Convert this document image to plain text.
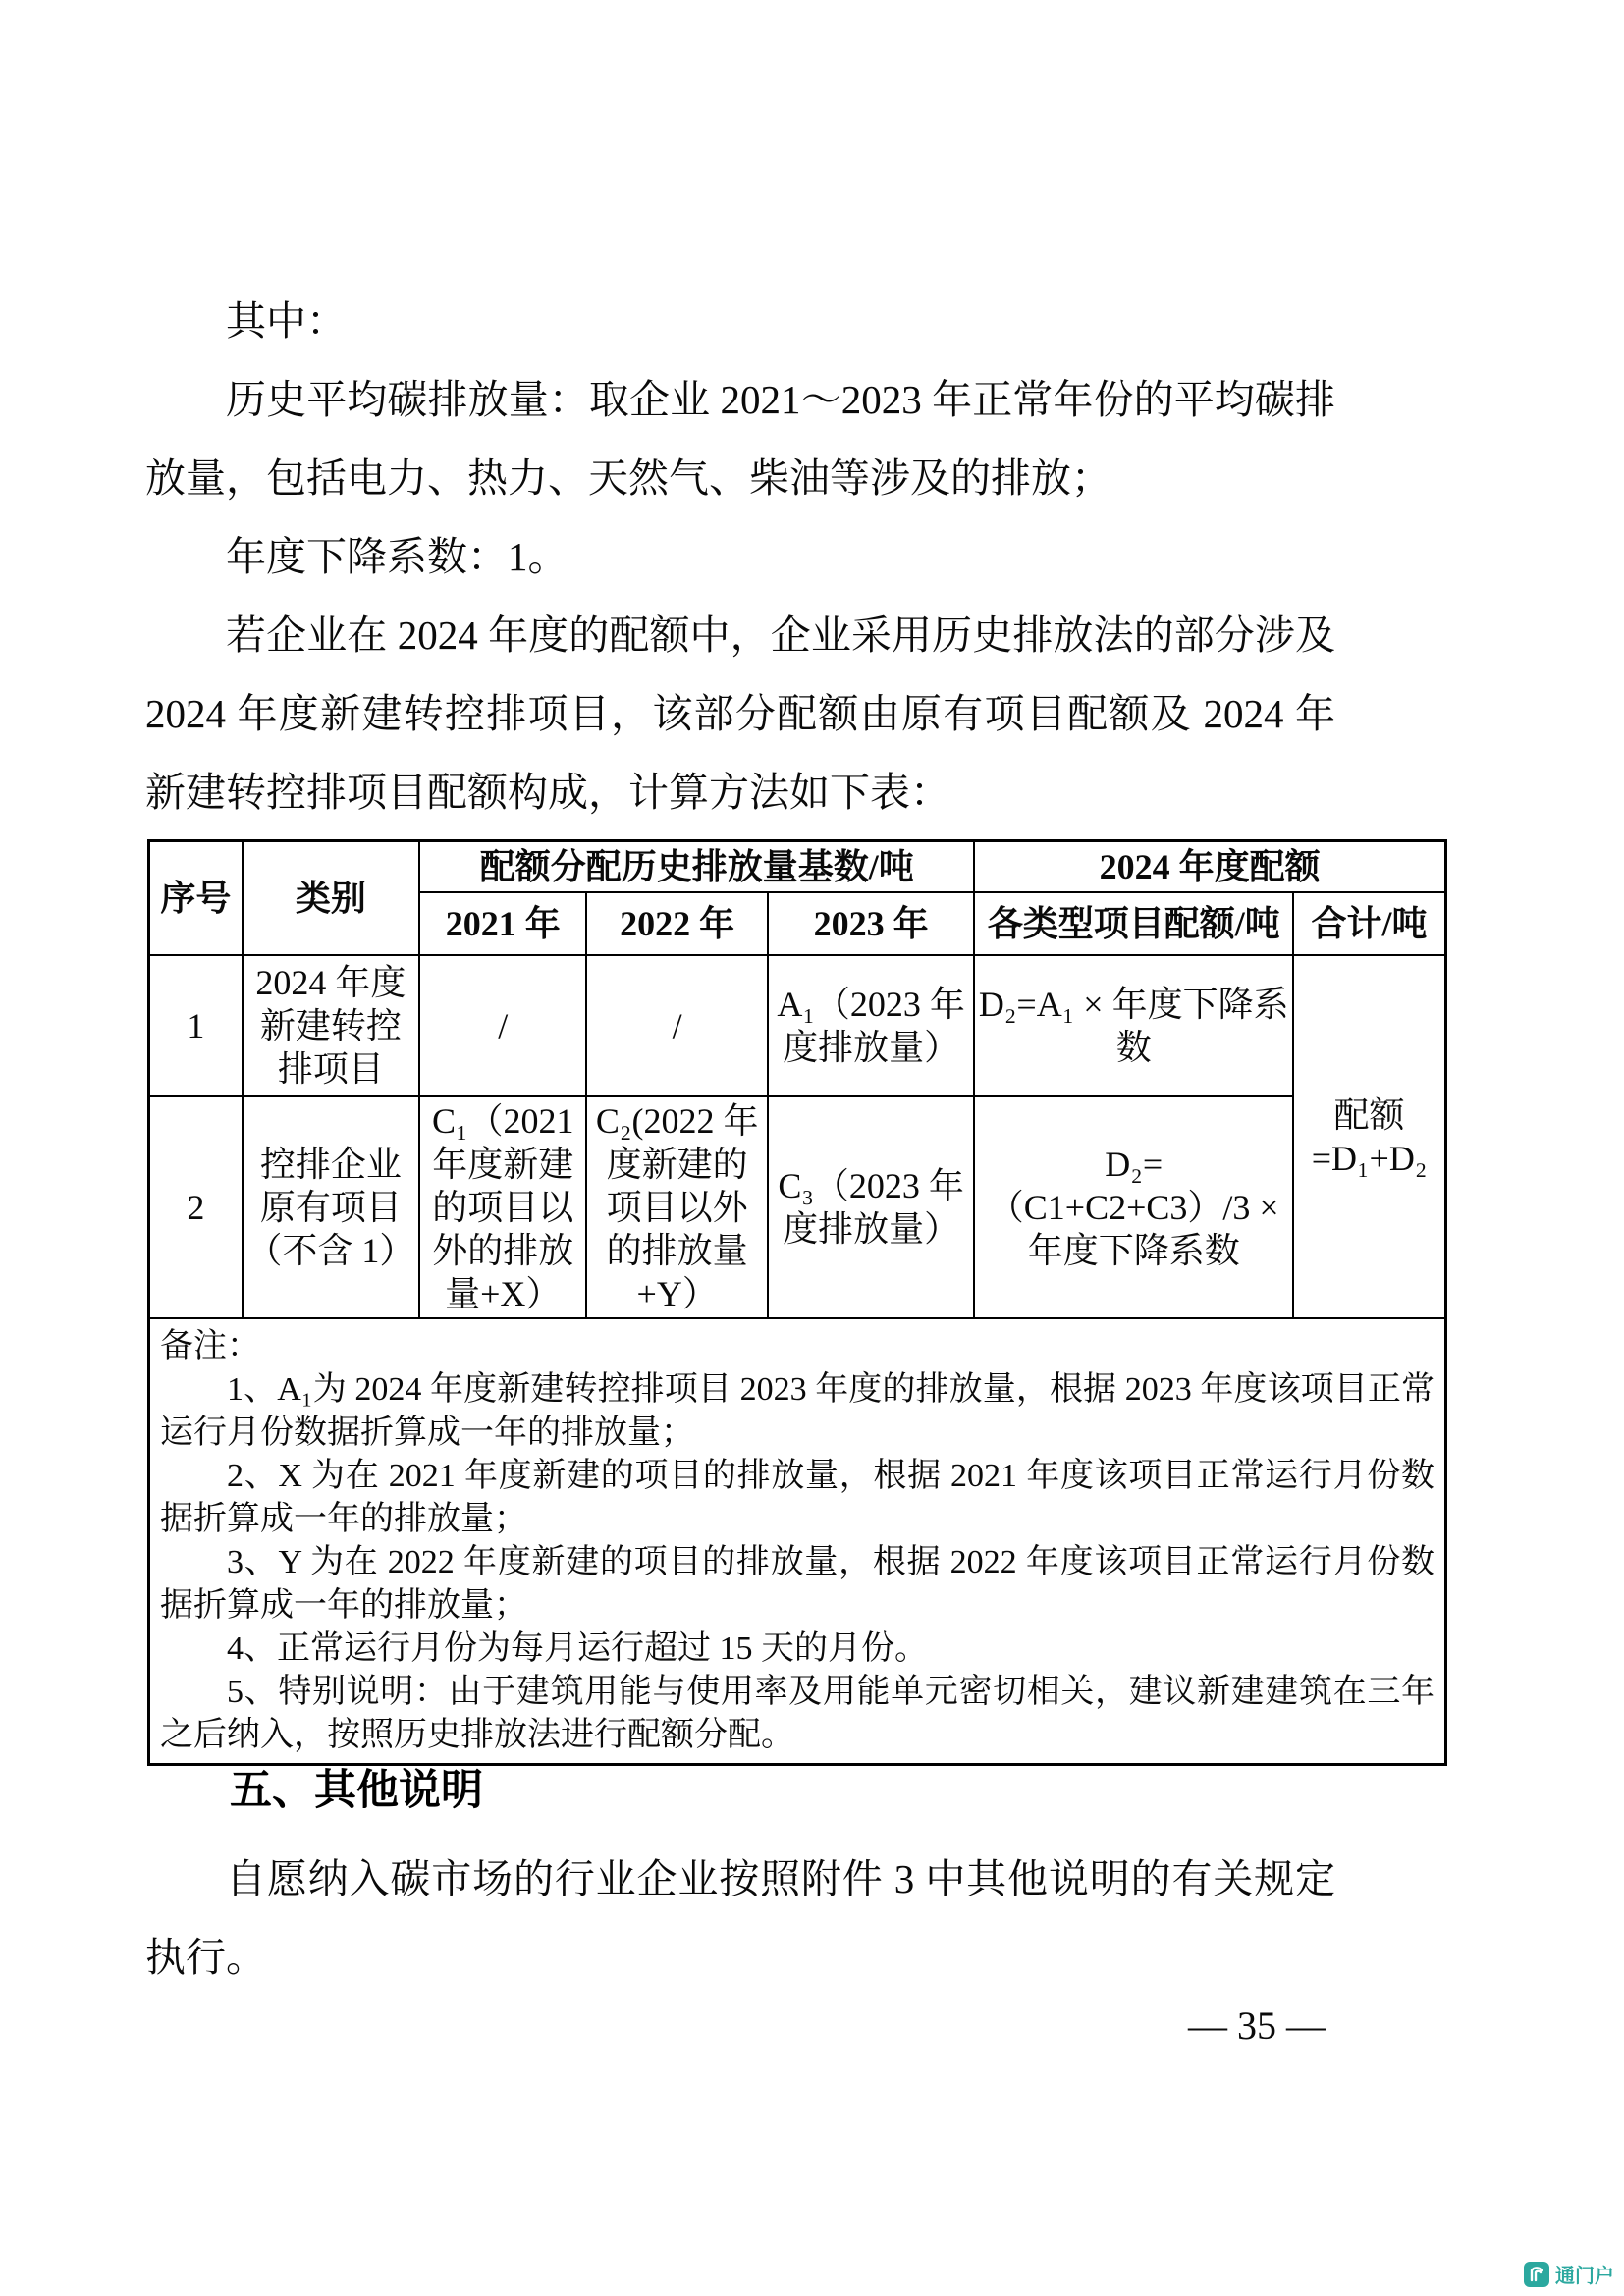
其中：

历史平均碳排放量：取企业 2021～2023 年正常年份的平均碳排放量，包括电力、热力、天然气、柴油等涉及的排放；

年度下降系数：1。

若企业在 2024 年度的配额中，企业采用历史排放法的部分涉及 2024 年度新建转控排项目，该部分配额由原有项目配额及 2024 年新建转控排项目配额构成，计算方法如下表：

序号	类别	配额分配历史排放量基数/吨			2024 年度配额	
		2021 年	2022 年	2023 年	各类型项目配额/吨	合计/吨
1	2024 年度新建转控排项目	/	/	A₁（2023 年度排放量）	D₂=A₁ × 年度下降系数	配额=D₁+D₂
2	控排企业原有项目（不含 1）	C₁（2021 年度新建的项目以外的排放量+X）	C₂(2022 年度新建的项目以外的排放量+Y）	C₃（2023 年度排放量）	D₂=（C1+C2+C3）/3 × 年度下降系数	

备注：

1、A₁为 2024 年度新建转控排项目 2023 年度的排放量，根据 2023 年度该项目正常运行月份数据折算成一年的排放量；

2、X 为在 2021 年度新建的项目的排放量，根据 2021 年度该项目正常运行月份数据折算成一年的排放量；

3、Y 为在 2022 年度新建的项目的排放量，根据 2022 年度该项目正常运行月份数据折算成一年的排放量；

4、正常运行月份为每月运行超过 15 天的月份。

5、特别说明：由于建筑用能与使用率及用能单元密切相关，建议新建建筑在三年之后纳入，按照历史排放法进行配额分配。

五、其他说明

自愿纳入碳市场的行业企业按照附件 3 中其他说明的有关规定执行。

— 35 —
通门户
